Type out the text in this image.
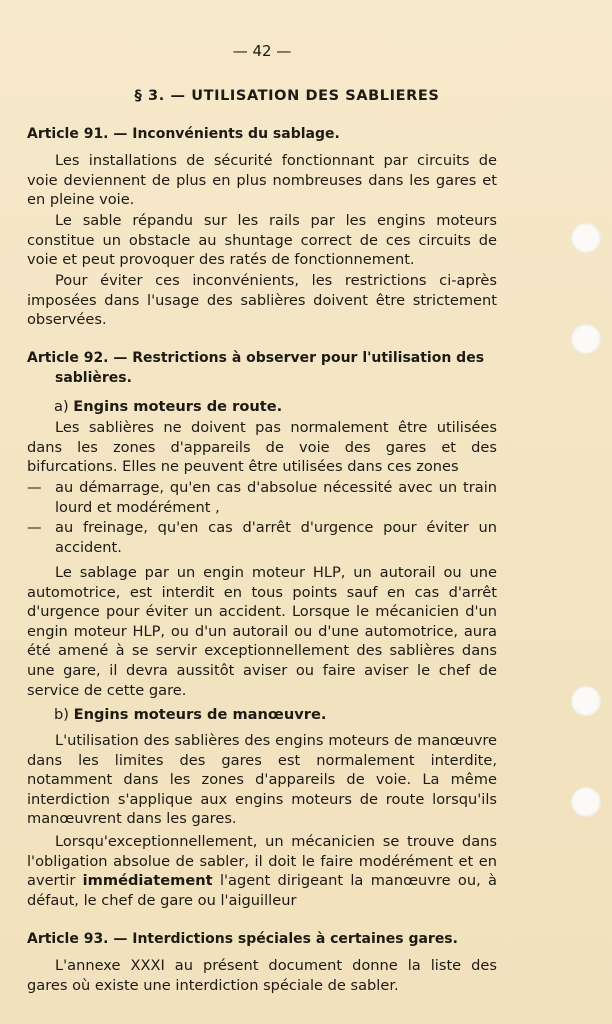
— 42 —
§ 3. — UTILISATION DES SABLIERES
Article 91. — Inconvénients du sablage.
Les installations de sécurité fonctionnant par circuits de voie deviennent de plus en plus nombreuses dans les gares et en pleine voie.
Le sable répandu sur les rails par les engins moteurs constitue un obstacle au shuntage correct de ces circuits de voie et peut provoquer des ratés de fonctionnement.
Pour éviter ces inconvénients, les restrictions ci-après imposées dans l'usage des sablières doivent être strictement observées.
Article 92. — Restrictions à observer pour l'utilisation des sablières.
a) Engins moteurs de route.
Les sablières ne doivent pas normalement être utilisées dans les zones d'appareils de voie des gares et des bifurcations. Elles ne peuvent être utilisées dans ces zones
— au démarrage, qu'en cas d'absolue nécessité avec un train lourd et modérément ,
— au freinage, qu'en cas d'arrêt d'urgence pour éviter un accident.
Le sablage par un engin moteur HLP, un autorail ou une automotrice, est interdit en tous points sauf en cas d'arrêt d'urgence pour éviter un accident. Lorsque le mécanicien d'un engin moteur HLP, ou d'un autorail ou d'une automotrice, aura été amené à se servir exceptionnellement des sablières dans une gare, il devra aussitôt aviser ou faire aviser le chef de service de cette gare.
b) Engins moteurs de manœuvre.
L'utilisation des sablières des engins moteurs de manœuvre dans les limites des gares est normalement interdite, notamment dans les zones d'appareils de voie. La même interdiction s'applique aux engins moteurs de route lorsqu'ils manœuvrent dans les gares.
Lorsqu'exceptionnellement, un mécanicien se trouve dans l'obligation absolue de sabler, il doit le faire modérément et en avertir immédiatement l'agent dirigeant la manœuvre ou, à défaut, le chef de gare ou l'aiguilleur
Article 93. — Interdictions spéciales à certaines gares.
L'annexe XXXI au présent document donne la liste des gares où existe une interdiction spéciale de sabler.
